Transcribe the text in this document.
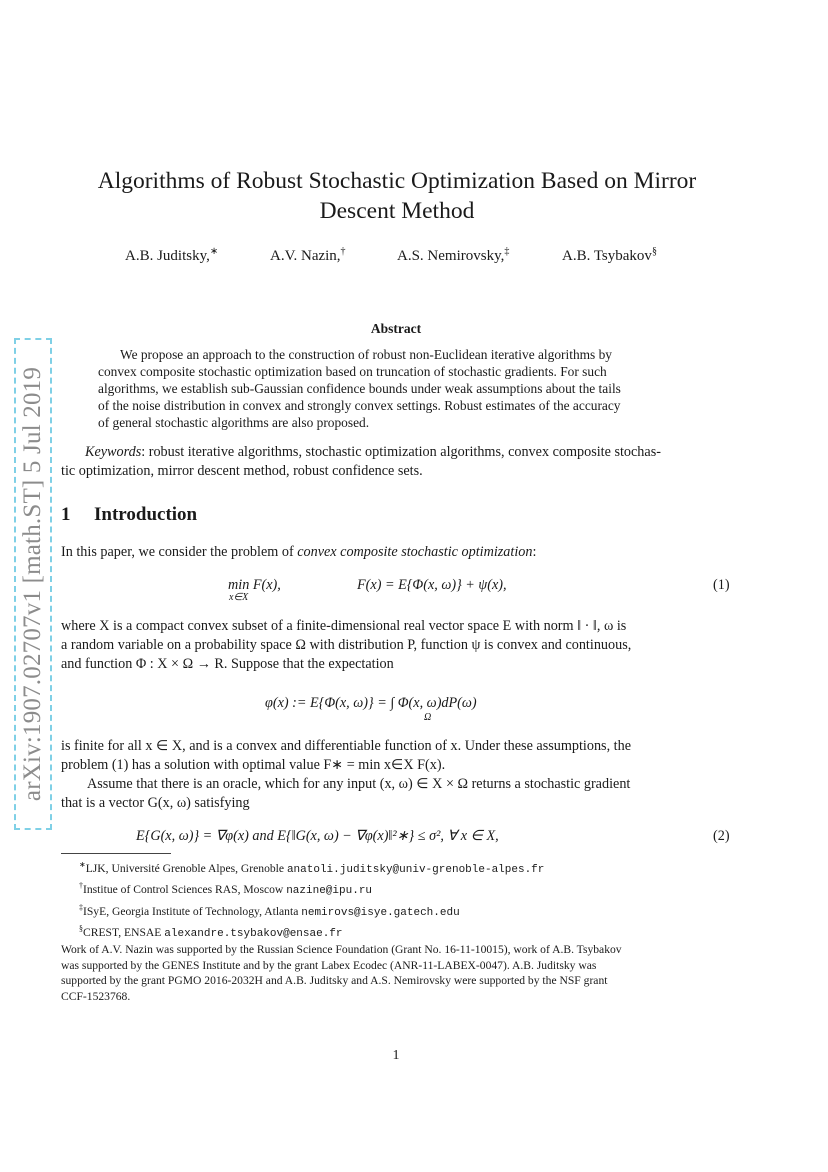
arXiv:1907.02707v1 [math.ST] 5 Jul 2019
Algorithms of Robust Stochastic Optimization Based on Mirror
Descent Method
A.B. Juditsky,∗	A.V. Nazin,†	A.S. Nemirovsky,‡	A.B. Tsybakov§
Abstract
We propose an approach to the construction of robust non-Euclidean iterative algorithms by
convex composite stochastic optimization based on truncation of stochastic gradients. For such
algorithms, we establish sub-Gaussian confidence bounds under weak assumptions about the tails
of the noise distribution in convex and strongly convex settings. Robust estimates of the accuracy
of general stochastic algorithms are also proposed.
Keywords: robust iterative algorithms, stochastic optimization algorithms, convex composite stochas-
tic optimization, mirror descent method, robust confidence sets.
1 Introduction
In this paper, we consider the problem of convex composite stochastic optimization:
min F(x),
x∈X
F(x) = E{Φ(x, ω)} + ψ(x),	(1)
where X is a compact convex subset of a finite-dimensional real vector space E with norm ‖ · ‖, ω is
a random variable on a probability space Ω with distribution P, function ψ is convex and continuous,
and function Φ : X × Ω → R. Suppose that the expectation
φ(x) := E{Φ(x, ω)} = ∫ Φ(x, ω)dP(ω)
Ω
is finite for all x ∈ X, and is a convex and differentiable function of x. Under these assumptions, the
problem (1) has a solution with optimal value F∗ = min x∈X F(x).
Assume that there is an oracle, which for any input (x, ω) ∈ X × Ω returns a stochastic gradient
that is a vector G(x, ω) satisfying
E{G(x, ω)} = ∇φ(x) and E{‖G(x, ω) − ∇φ(x)‖²∗} ≤ σ², ∀ x ∈ X,	(2)
∗LJK, Université Grenoble Alpes, Grenoble anatoli.juditsky@univ-grenoble-alpes.fr
†Institue of Control Sciences RAS, Moscow nazine@ipu.ru
‡ISyE, Georgia Institute of Technology, Atlanta nemirovs@isye.gatech.edu
§CREST, ENSAE alexandre.tsybakov@ensae.fr
Work of A.V. Nazin was supported by the Russian Science Foundation (Grant No. 16-11-10015), work of A.B. Tsybakov
was supported by the GENES Institute and by the grant Labex Ecodec (ANR-11-LABEX-0047). A.B. Juditsky was
supported by the grant PGMO 2016-2032H and A.B. Juditsky and A.S. Nemirovsky were supported by the NSF grant
CCF-1523768.
1
